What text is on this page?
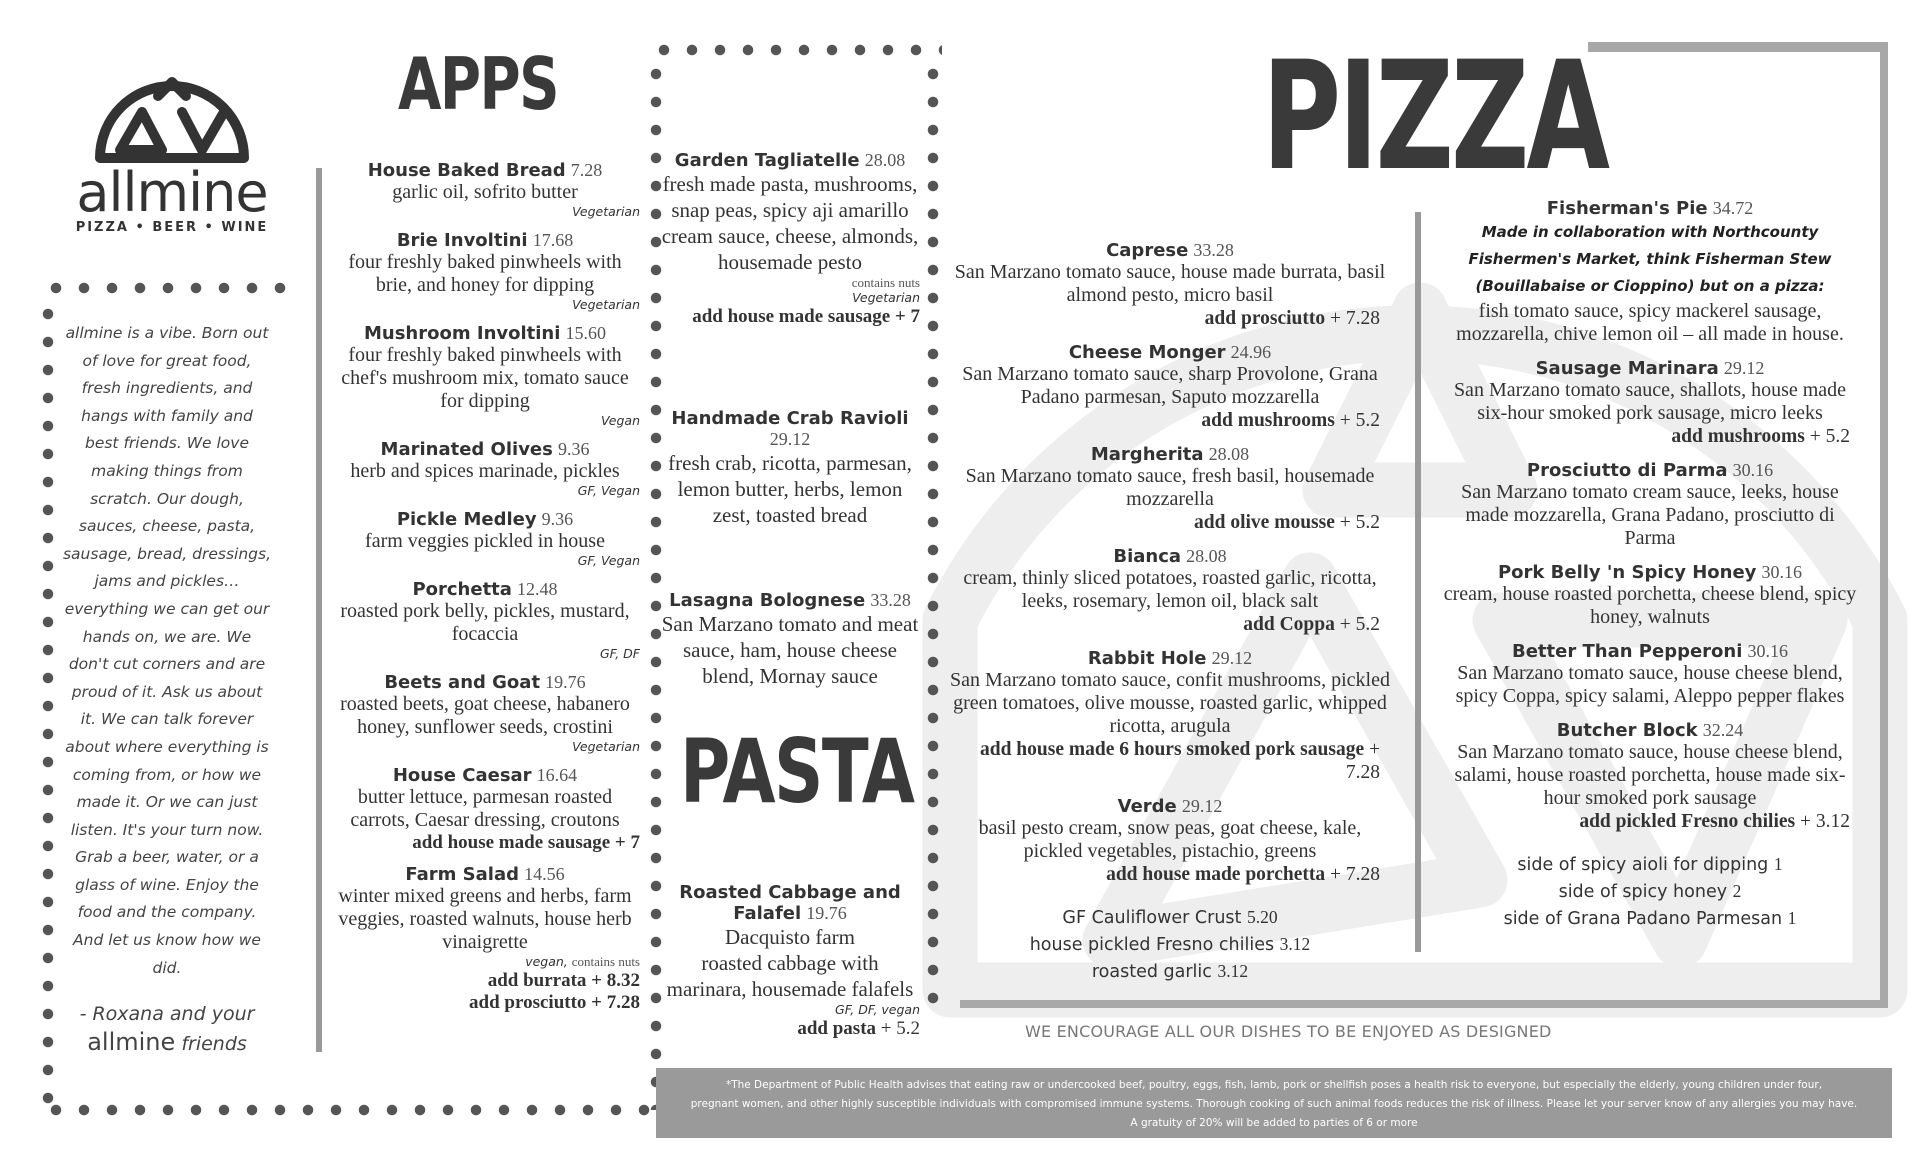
allmine
PIZZA • BEER • WINE
allmine is a vibe. Born out of love for great food, fresh ingredients, and hangs with family and best friends. We love making things from scratch. Our dough, sauces, cheese, pasta, sausage, bread, dressings, jams and pickles…everything we can get our hands on, we are. We don't cut corners and are proud of it. Ask us about it. We can talk forever about where everything is coming from, or how we made it. Or we can just listen. It's your turn now. Grab a beer, water, or a glass of wine. Enjoy the food and the company. And let us know how we did.
- Roxana and your
allmine friends
APPS
House Baked Bread 7.28
garlic oil, sofrito butter
Vegetarian
Brie Involtini 17.68
four freshly baked pinwheels with brie, and honey for dipping
Vegetarian
Mushroom Involtini 15.60
four freshly baked pinwheels with chef's mushroom mix, tomato sauce for dipping
Vegan
Marinated Olives 9.36
herb and spices marinade, pickles
GF, Vegan
Pickle Medley 9.36
farm veggies pickled in house
GF, Vegan
Porchetta 12.48
roasted pork belly, pickles, mustard, focaccia
GF, DF
Beets and Goat 19.76
roasted beets, goat cheese, habanero honey, sunflower seeds, crostini
Vegetarian
House Caesar 16.64
butter lettuce, parmesan roasted carrots, Caesar dressing, croutons
add house made sausage + 7
Farm Salad 14.56
winter mixed greens and herbs, farm veggies, roasted walnuts, house herb vinaigrette
vegan, contains nuts
add burrata + 8.32
add prosciutto + 7.28
Garden Tagliatelle 28.08
fresh made pasta, mushrooms, snap peas, spicy aji amarillo cream sauce, cheese, almonds, housemade pesto
contains nuts
Vegetarian
add house made sausage + 7
Handmade Crab Ravioli 29.12
fresh crab, ricotta, parmesan, lemon butter, herbs, lemon zest, toasted bread
Lasagna Bolognese 33.28
San Marzano tomato and meat sauce, ham, house cheese blend, Mornay sauce
Roasted Cabbage and Falafel 19.76
Dacquisto farm
roasted cabbage with marinara, housemade falafels
GF, DF, vegan
add pasta + 5.2
PASTA
PIZZA
Caprese 33.28
San Marzano tomato sauce, house made burrata, basil almond pesto, micro basil
add prosciutto + 7.28
Cheese Monger 24.96
San Marzano tomato sauce, sharp Provolone, Grana Padano parmesan, Saputo mozzarella
add mushrooms + 5.2
Margherita 28.08
San Marzano tomato sauce, fresh basil, housemade mozzarella
add olive mousse + 5.2
Bianca 28.08
cream, thinly sliced potatoes, roasted garlic, ricotta, leeks, rosemary, lemon oil, black salt
add Coppa + 5.2
Rabbit Hole 29.12
San Marzano tomato sauce, confit mushrooms, pickled green tomatoes, olive mousse, roasted garlic, whipped ricotta, arugula
add house made 6 hours smoked pork sausage + 7.28
Verde 29.12
basil pesto cream, snow peas, goat cheese, kale, pickled vegetables, pistachio, greens
add house made porchetta + 7.28
GF Cauliflower Crust 5.20
house pickled Fresno chilies 3.12
roasted garlic 3.12
Fisherman's Pie 34.72
Made in collaboration with Northcounty Fishermen's Market, think Fisherman Stew (Bouillabaise or Cioppino) but on a pizza:
fish tomato sauce, spicy mackerel sausage, mozzarella, chive lemon oil – all made in house.
Sausage Marinara 29.12
San Marzano tomato sauce, shallots, house made six-hour smoked pork sausage, micro leeks
add mushrooms + 5.2
Prosciutto di Parma 30.16
San Marzano tomato cream sauce, leeks, house made mozzarella, Grana Padano, prosciutto di Parma
Pork Belly 'n Spicy Honey 30.16
cream, house roasted porchetta, cheese blend, spicy honey, walnuts
Better Than Pepperoni 30.16
San Marzano tomato sauce, house cheese blend, spicy Coppa, spicy salami, Aleppo pepper flakes
Butcher Block 32.24
San Marzano tomato sauce, house cheese blend, salami, house roasted porchetta, house made six-hour smoked pork sausage
add pickled Fresno chilies + 3.12
side of spicy aioli for dipping 1
side of spicy honey 2
side of Grana Padano Parmesan 1
WE ENCOURAGE ALL OUR DISHES TO BE ENJOYED AS DESIGNED
*The Department of Public Health advises that eating raw or undercooked beef, poultry, eggs, fish, lamb, pork or shellfish poses a health risk to everyone, but especially the elderly, young children under four,
pregnant women, and other highly susceptible individuals with compromised immune systems. Thorough cooking of such animal foods reduces the risk of illness. Please let your server know of any allergies you may have.
A gratuity of 20% will be added to parties of 6 or more
